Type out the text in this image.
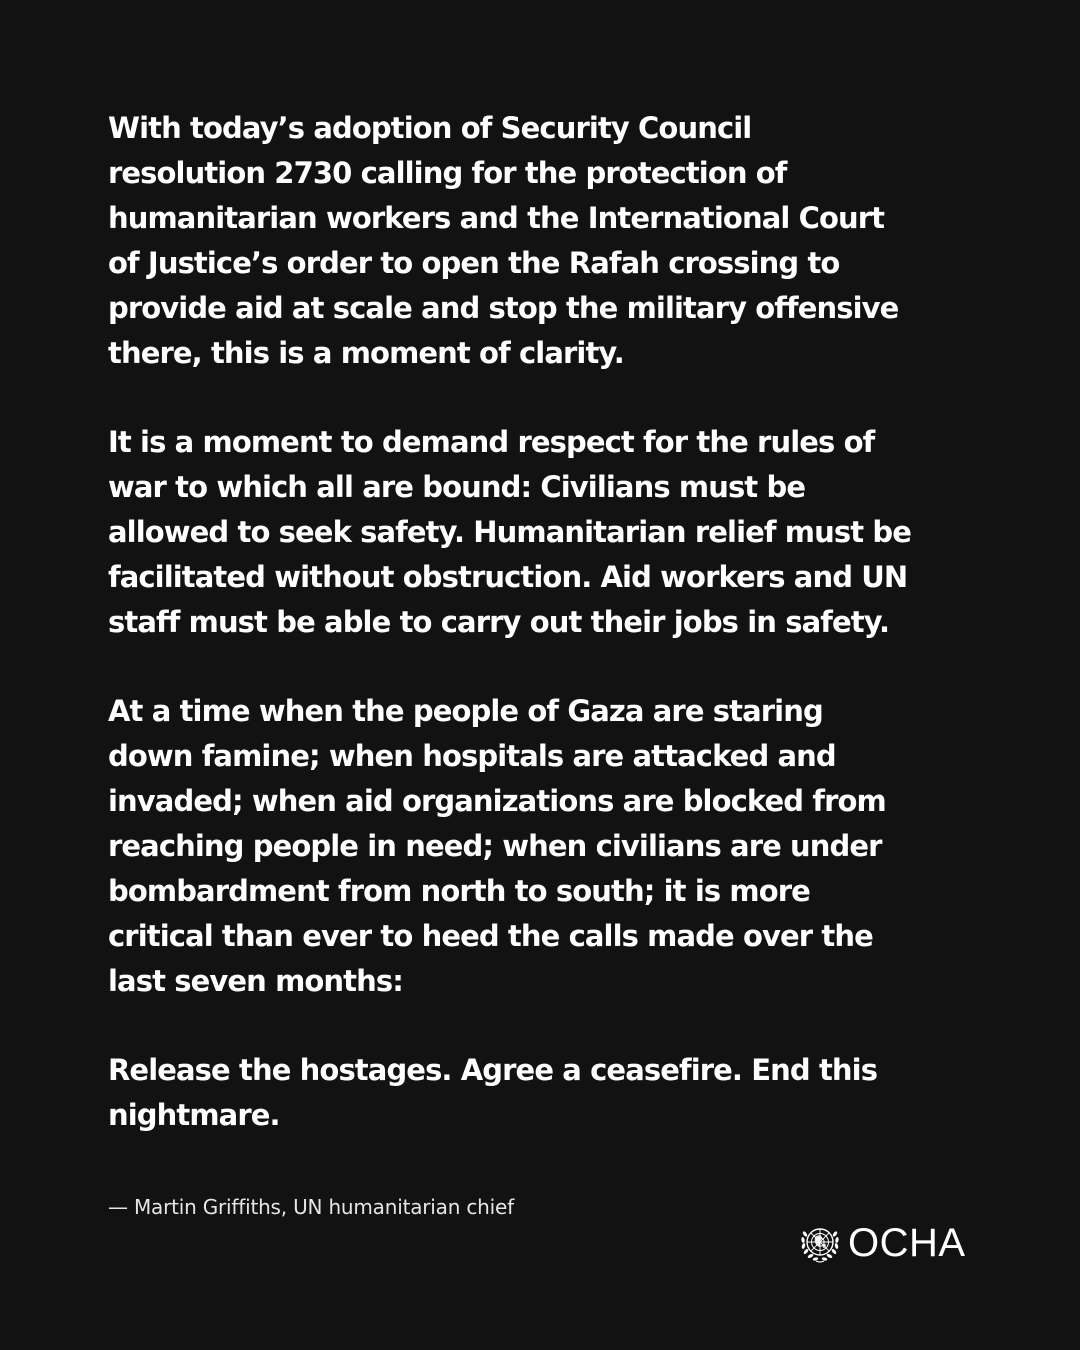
With today’s adoption of Security Council
resolution 2730 calling for the protection of
humanitarian workers and the International Court
of Justice’s order to open the Rafah crossing to
provide aid at scale and stop the military offensive
there, this is a moment of clarity.

It is a moment to demand respect for the rules of
war to which all are bound: Civilians must be
allowed to seek safety. Humanitarian relief must be
facilitated without obstruction. Aid workers and UN
staff must be able to carry out their jobs in safety.

At a time when the people of Gaza are staring
down famine; when hospitals are attacked and
invaded; when aid organizations are blocked from
reaching people in need; when civilians are under
bombardment from north to south; it is more
critical than ever to heed the calls made over the
last seven months:

Release the hostages. Agree a ceasefire. End this
nightmare.

— Martin Griffiths, UN humanitarian chief
OCHA
